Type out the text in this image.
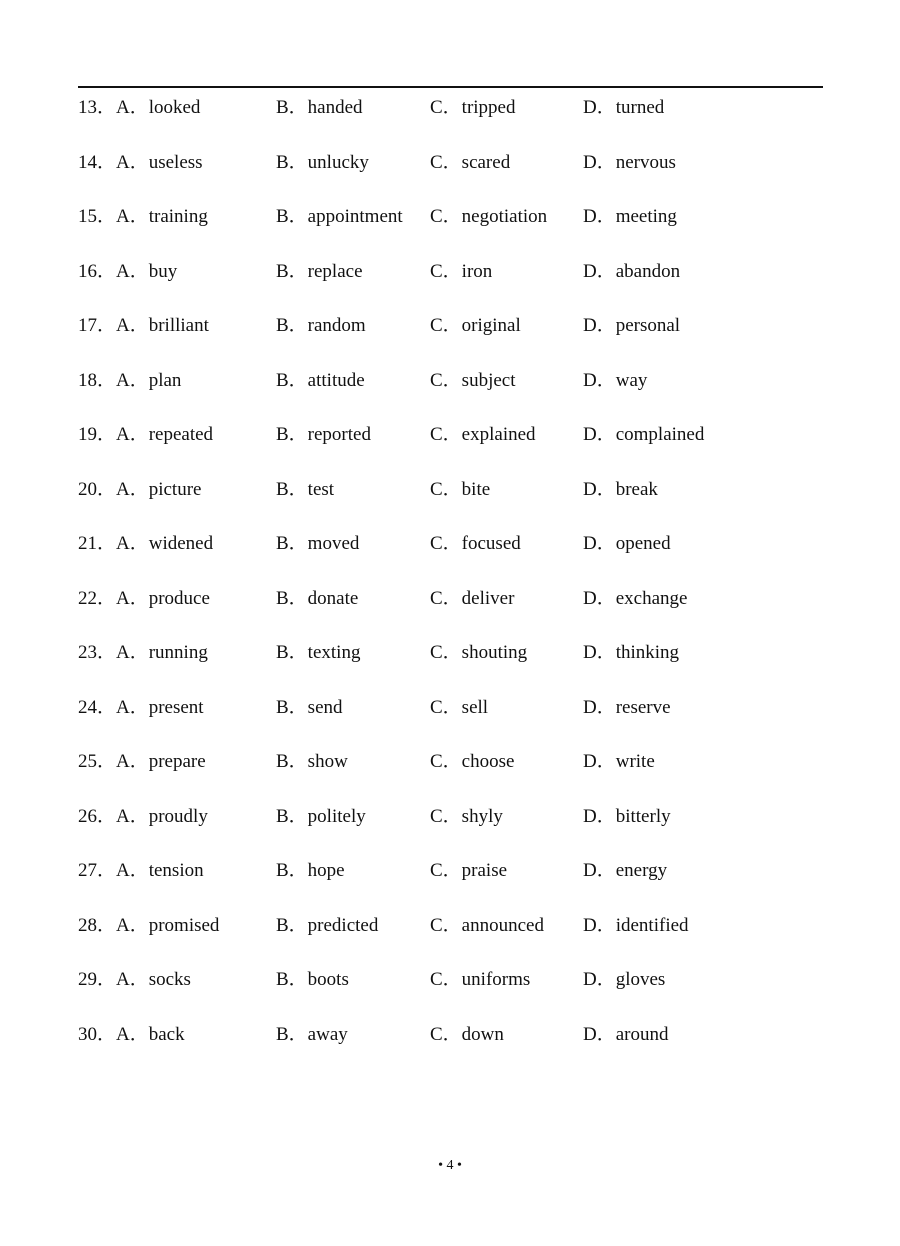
13． A．looked	B．handed	C．tripped	D．turned
14． A．useless	B．unlucky	C．scared	D．nervous
15． A．training	B．appointment C．negotiation D．meeting
16． A．buy	B．replace	C．iron	D．abandon
17． A．brilliant	B．random	C．original	D．personal
18． A．plan	B．attitude	C．subject	D．way
19． A．repeated	B．reported	C．explained D．complained
20． A．picture	B．test	C．bite	D．break
21． A．widened	B．moved	C．focused	D．opened
22． A．produce	B．donate	C．deliver	D．exchange
23． A．running	B．texting	C．shouting	D．thinking
24． A．present	B．send	C．sell	D．reserve
25． A．prepare	B．show	C．choose	D．write
26． A．proudly	B．politely	C．shyly	D．bitterly
27． A．tension	B．hope	C．praise	D．energy
28． A．promised	B．predicted	C．announced D．identified
29． A．socks	B．boots	C．uniforms	D．gloves
30． A．back	B．away	C．down	D．around
• 4 •
